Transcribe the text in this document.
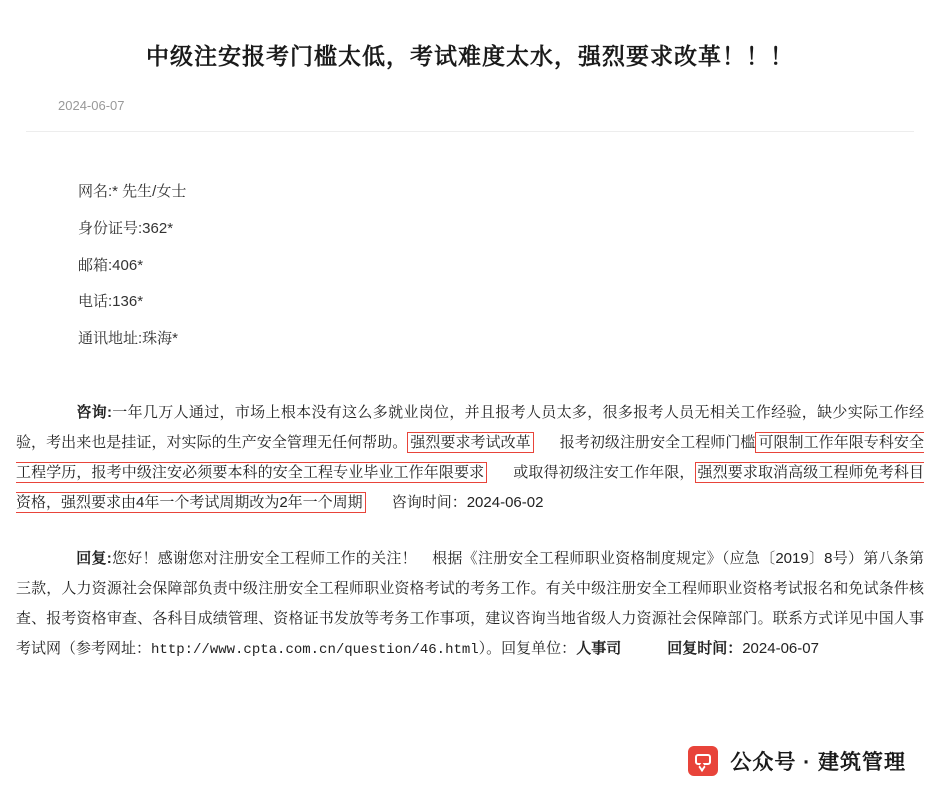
中级注安报考门槛太低，考试难度太水，强烈要求改革！！！
2024-06-07
网名:* 先生/女士
身份证号:362*
邮箱:406*
电话:136*
通讯地址:珠海*
咨询:一年几万人通过，市场上根本没有这么多就业岗位，并且报考人员太多，很多报考人员无相关工作经验，缺少实际工作经验，考出来也是挂证，对实际的生产安全管理无任何帮助。 强烈要求考试改革 报考初级注册安全工程师门槛 可限制工作年限专科安全工程学历，报考中级注安必须要本科的安全工程专业毕业工作年限要求 或取得初级注安工作年限， 强烈要求取消高级工程师免考科目资格，强烈要求由4年一个考试周期改为2年一个周期 咨询时间：2024-06-02
回复:您好！感谢您对注册安全工程师工作的关注！　根据《注册安全工程师职业资格制度规定》（应急〔2019〕8号）第八条第三款，人力资源社会保障部负责中级注册安全工程师职业资格考试的考务工作。有关中级注册安全工程师职业资格考试报名和免试条件核查、报考资格审查、各科目成绩管理、资格证书发放等考务工作事项，建议咨询当地省级人力资源社会保障部门。联系方式详见中国人事考试网（参考网址：http://www.cpta.com.cn/question/46.html）。回复单位：人事司	回复时间：2024-06-07
公众号 · 建筑管理
